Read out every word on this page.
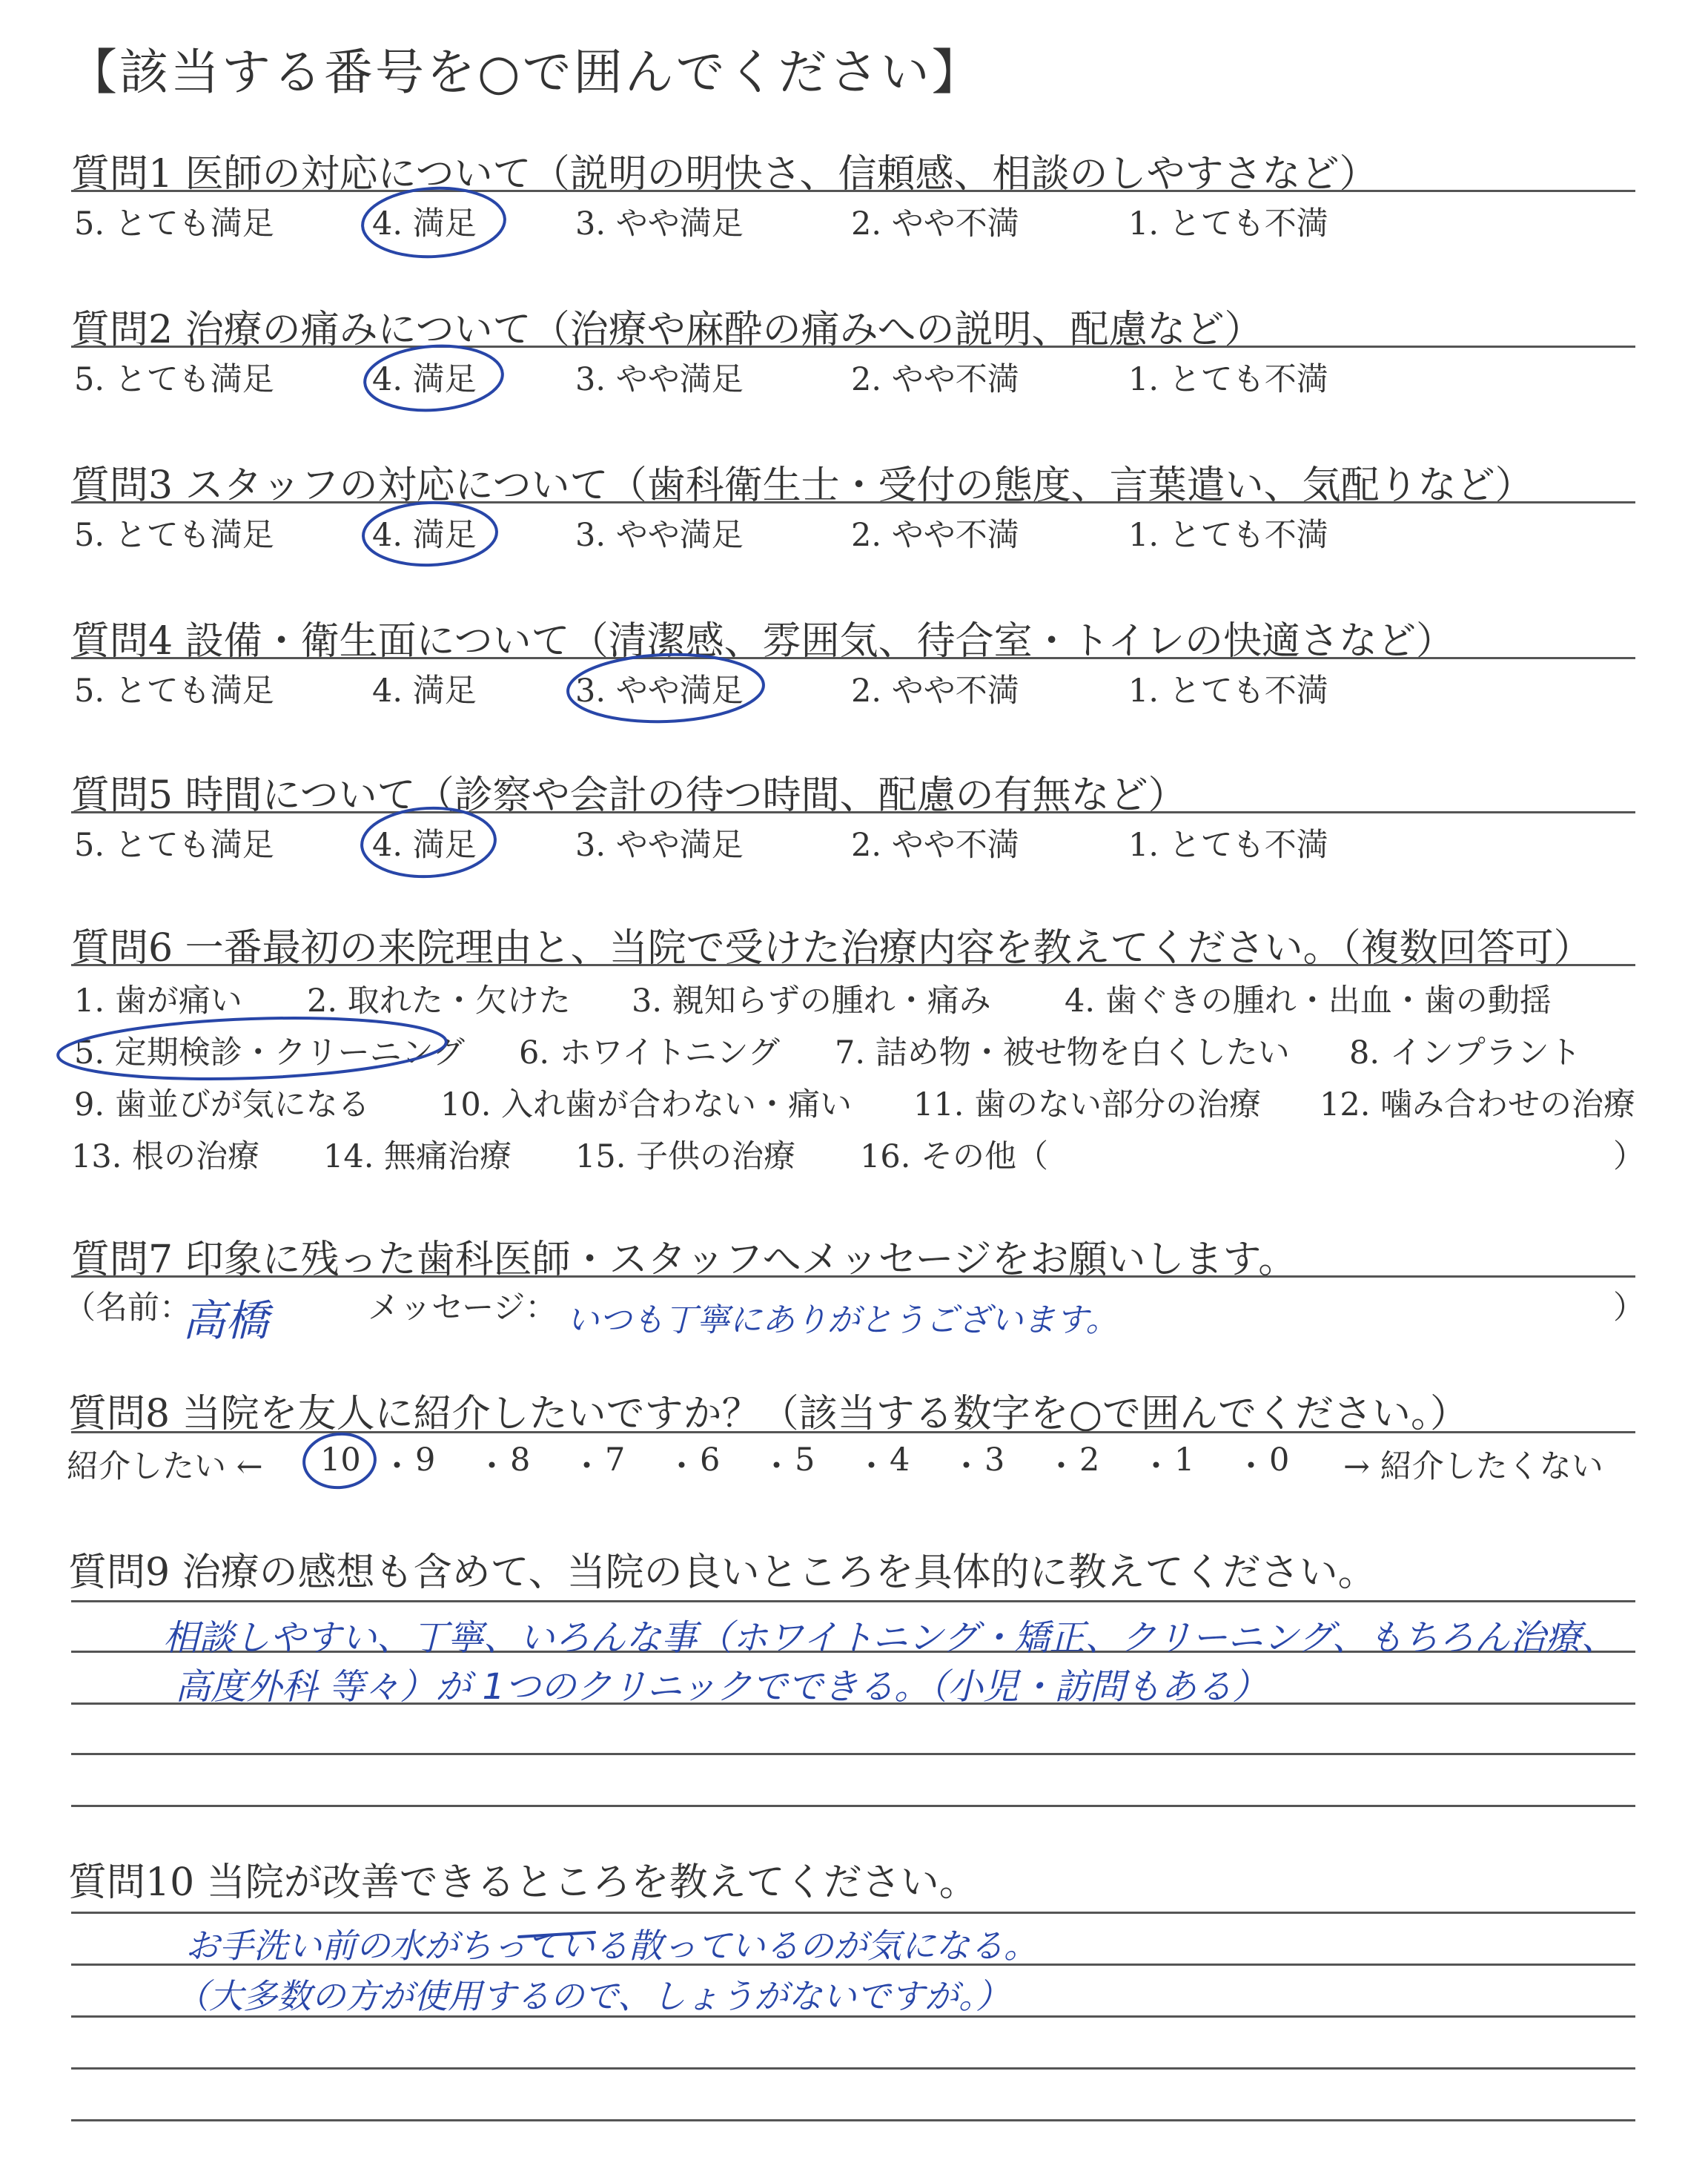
【該当する番号を○で囲んでください】
質問1 医師の対応について（説明の明快さ、信頼感、相談のしやすさなど）
5. とても満足	4. 満足	3. やや満足	2. やや不満	1. とても不満
質問2 治療の痛みについて（治療や麻酔の痛みへの説明、配慮など）
5. とても満足	4. 満足	3. やや満足	2. やや不満	1. とても不満
質問3 スタッフの対応について（歯科衛生士・受付の態度、言葉遣い、気配りなど）
5. とても満足	4. 満足	3. やや満足	2. やや不満	1. とても不満
質問4 設備・衛生面について（清潔感、雰囲気、待合室・トイレの快適さなど）
5. とても満足	4. 満足	3. やや満足	2. やや不満	1. とても不満
質問5 時間について（診察や会計の待つ時間、配慮の有無など）
5. とても満足	4. 満足	3. やや満足	2. やや不満	1. とても不満
質問6 一番最初の来院理由と、当院で受けた治療内容を教えてください。（複数回答可）
1. 歯が痛い 2. 取れた・欠けた 3. 親知らずの腫れ・痛み 4. 歯ぐきの腫れ・出血・歯の動揺
5. 定期検診・クリーニング 6. ホワイトニング 7. 詰め物・被せ物を白くしたい 8. インプラント
9. 歯並びが気になる 10. 入れ歯が合わない・痛い 11. 歯のない部分の治療 12. 噛み合わせの治療
13. 根の治療 14. 無痛治療 15. 子供の治療 16. その他（	）
質問7 印象に残った歯科医師・スタッフへメッセージをお願いします。
（名前：
高橋	メッセージ： いつも丁寧にありがとうございます。	）
質問8 当院を友人に紹介したいですか？（該当する数字を○で囲んでください。）
紹介したい ← 10 ・ 9 ・ 8 ・ 7 ・ 6 ・ 5 ・ 4 ・ 3 ・ 2 ・ 1 ・ 0 → 紹介したくない
質問9 治療の感想も含めて、当院の良いところを具体的に教えてください。
相談しやすい、丁寧、いろんな事（ホワイトニング・矯正、クリーニング、もちろん治療、
高度外科 等々）が 1つのクリニックでできる。（小児・訪問もある）
質問10 当院が改善できるところを教えてください。
お手洗い前の水がちっている散っているのが気になる。
（大多数の方が使用するので、しょうがないですが。）
